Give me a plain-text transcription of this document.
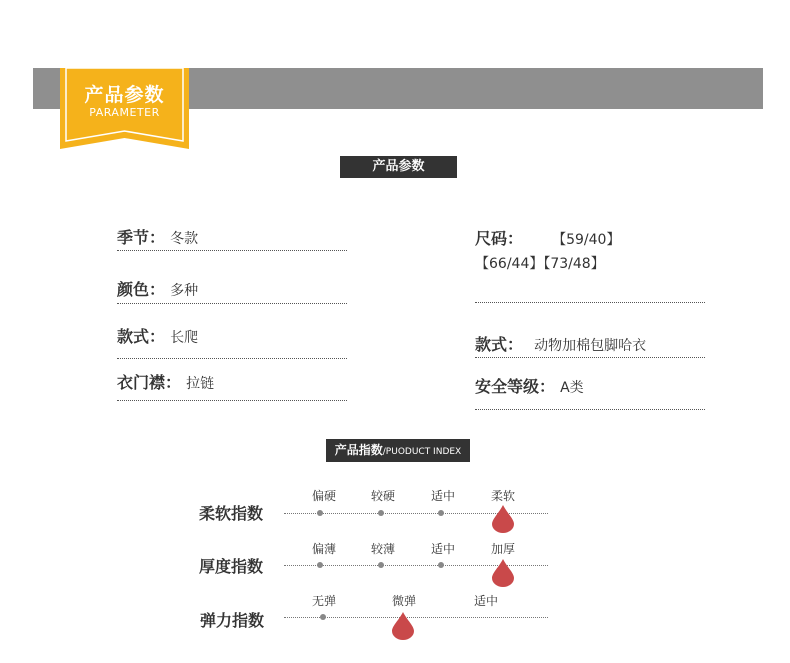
产品参数
PARAMETER
产品参数
季节： 冬款
颜色： 多种
款式： 长爬
衣门襟： 拉链
尺码： 【59/40】
【66/44】【73/48】
款式： 动物加棉包脚哈衣
安全等级： A类
产品指数/PUODUCT INDEX
柔软指数
偏硬	较硬	适中	柔软
厚度指数
偏薄	较薄	适中	加厚
弹力指数
无弹	微弹	适中
